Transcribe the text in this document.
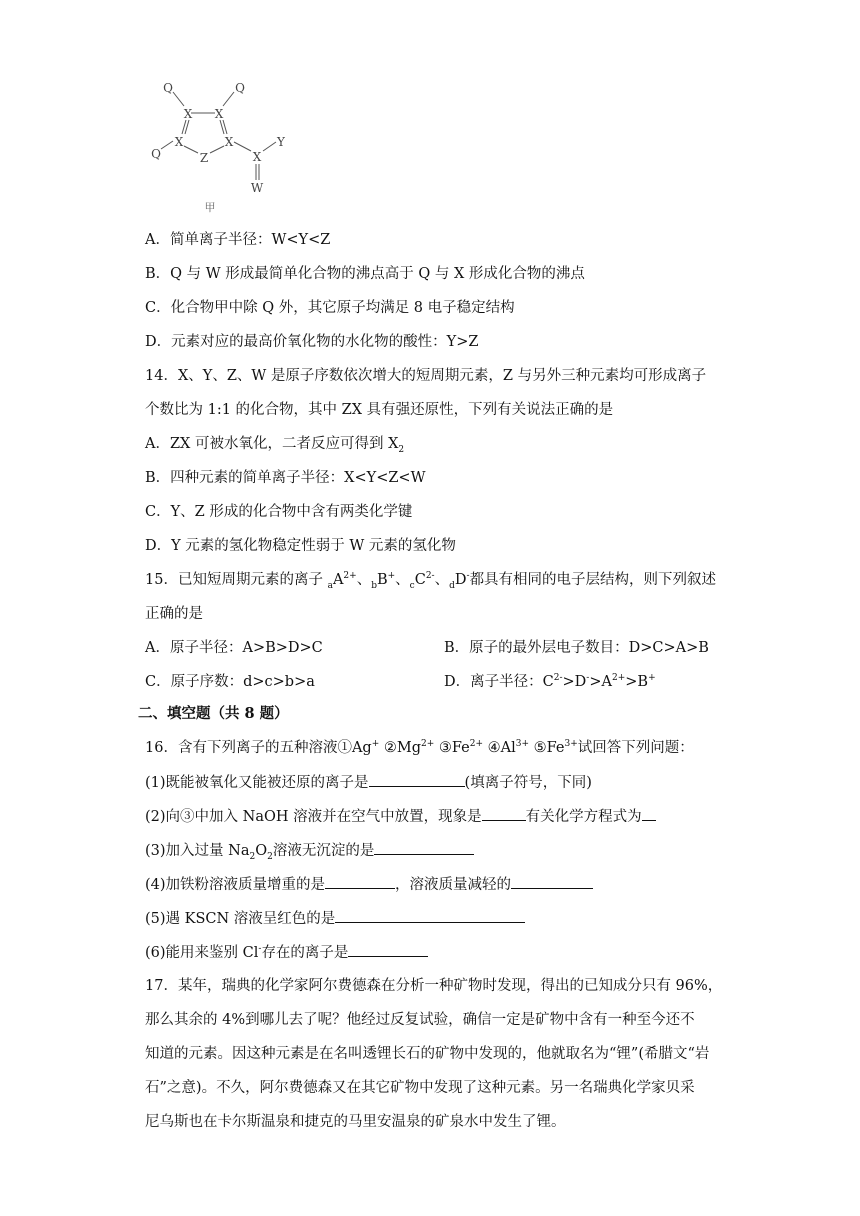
Q	Q
X X
Q
X	X
Z	X
Y
W
甲
A．简单离子半径：W<Y<Z
B．Q 与 W 形成最简单化合物的沸点高于 Q 与 X 形成化合物的沸点
C．化合物甲中除 Q 外，其它原子均满足 8 电子稳定结构
D．元素对应的最高价氧化物的水化物的酸性：Y>Z
14．X、Y、Z、W 是原子序数依次增大的短周期元素，Z 与另外三种元素均可形成离子
个数比为 1:1 的化合物，其中 ZX 具有强还原性，下列有关说法正确的是
A．ZX 可被水氧化，二者反应可得到 $X_2$
B．四种元素的简单离子半径：X<Y<Z<W
C．Y、Z 形成的化合物中含有两类化学键
D．Y 元素的氢化物稳定性弱于 W 元素的氢化物
15．已知短周期元素的离子 $_aA^{2+}$、$_b$B+、$_cC^{2-}$、$_d$D-都具有相同的电子层结构，则下列叙述
正确的是
A．原子半径：A>B>D>C	B．原子的最外层电子数目：D>C>A>B
C．原子序数：d>c>b>a	D．离子半径：$C^{2-}>D^->A^{2+}>B^+$
二、填空题（共 8 题）
16．含有下列离子的五种溶液①Ag+ $②Mg^{2+}$ $③Fe^{2+}$ $④Al^{3+}$ $⑤Fe^{3+}$试回答下列问题：
(1)既能被氧化又能被还原的离子是	(填离子符号，下同)
(2)向③中加入 NaOH 溶液并在空气中放置，现象是	有关化学方程式为
(3)加入过量 $Na_2O_2$溶液无沉淀的是
(4)加铁粉溶液质量增重的是	，溶液质量减轻的
(5)遇 KSCN 溶液呈红色的是
(6)能用来鉴别 Cl-存在的离子是
17．某年，瑞典的化学家阿尔费德森在分析一种矿物时发现，得出的已知成分只有 96%，
那么其余的 4%到哪儿去了呢？他经过反复试验，确信一定是矿物中含有一种至今还不
知道的元素。因这种元素是在名叫透锂长石的矿物中发现的，他就取名为“锂”(希腊文“岩
石”之意)。不久，阿尔费德森又在其它矿物中发现了这种元素。另一名瑞典化学家贝采
尼乌斯也在卡尔斯温泉和捷克的马里安温泉的矿泉水中发生了锂。
